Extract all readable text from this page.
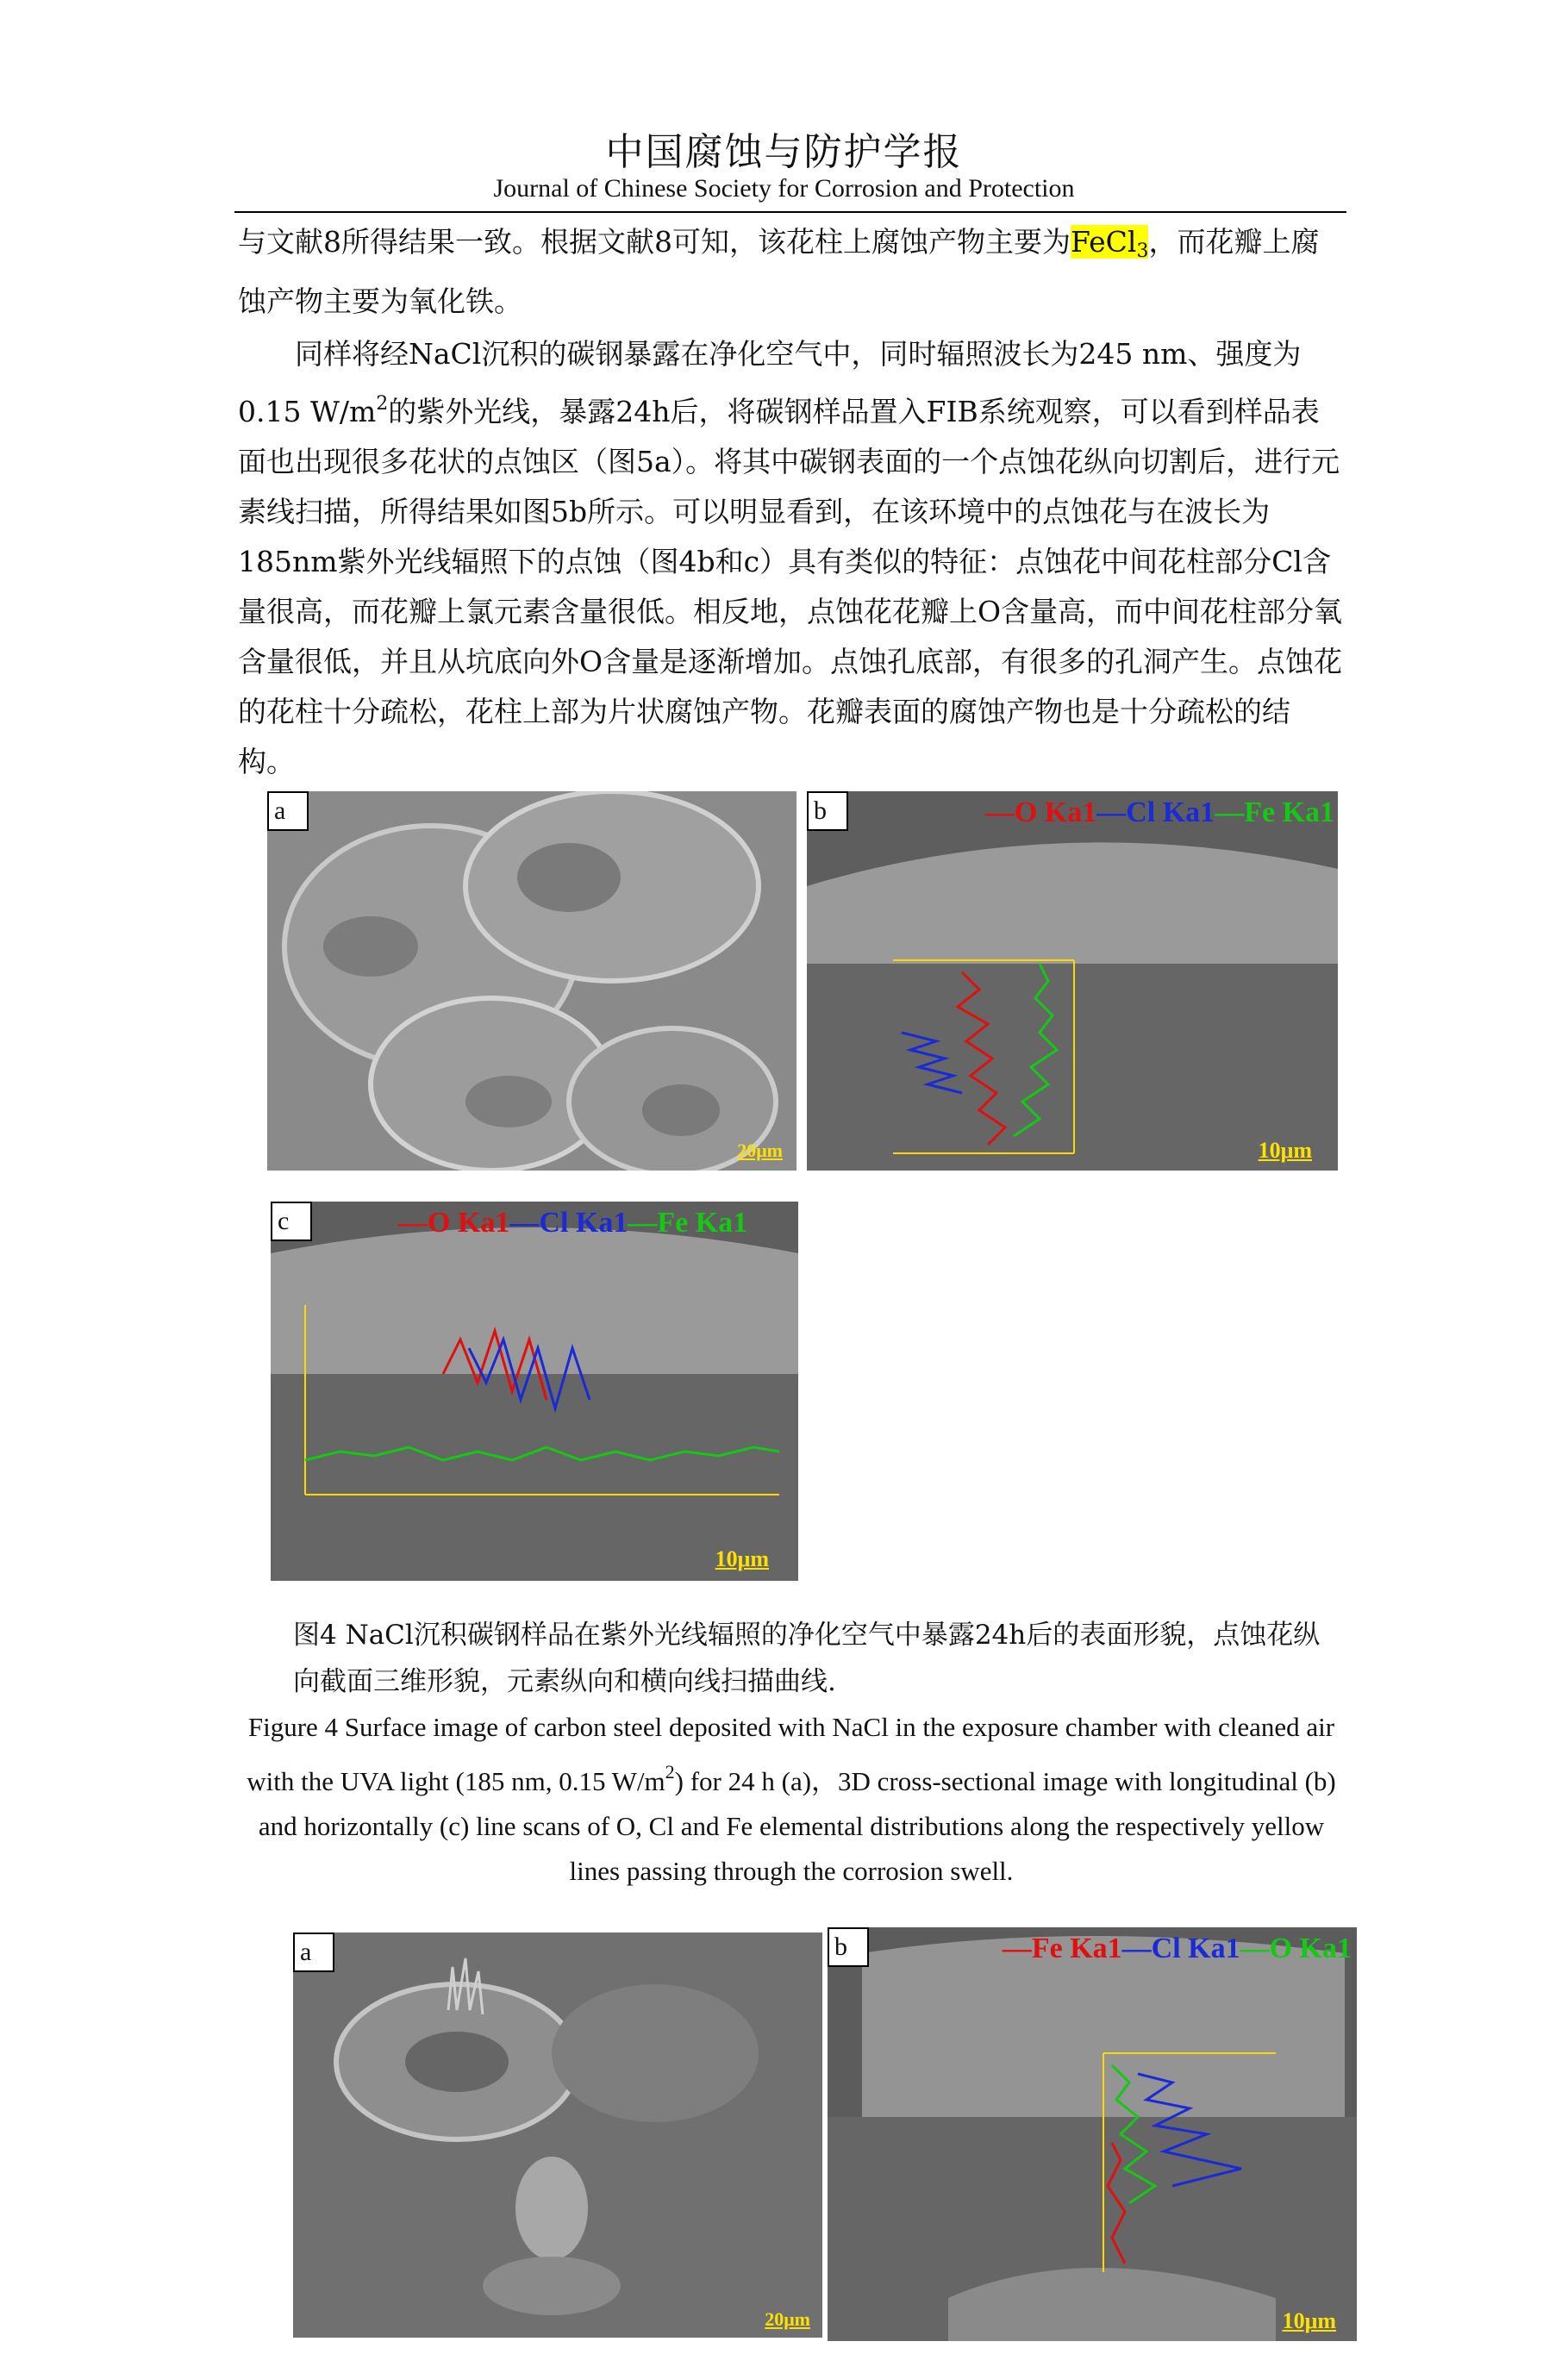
中国腐蚀与防护学报
Journal of Chinese Society for Corrosion and Protection
与文献8所得结果一致。根据文献8可知，该花柱上腐蚀产物主要为FeCl$_3$，而花瓣上腐蚀产物主要为氧化铁。
同样将经NaCl沉积的碳钢暴露在净化空气中，同时辐照波长为245 nm、强度为0.15 $W/m^2$的紫外光线，暴露24h后，将碳钢样品置入FIB系统观察，可以看到样品表面也出现很多花状的点蚀区（图5a）。将其中碳钢表面的一个点蚀花纵向切割后，进行元素线扫描，所得结果如图5b所示。可以明显看到，在该环境中的点蚀花与在波长为185nm紫外光线辐照下的点蚀（图4b和c）具有类似的特征：点蚀花中间花柱部分Cl含量很高，而花瓣上氯元素含量很低。相反地，点蚀花花瓣上O含量高，而中间花柱部分氧含量很低，并且从坑底向外O含量是逐渐增加。点蚀孔底部，有很多的孔洞产生。点蚀花的花柱十分疏松，花柱上部为片状腐蚀产物。花瓣表面的腐蚀产物也是十分疏松的结构。
a
20μm
b	—O Ka1—Cl Ka1—Fe Ka1
10μm
c	—O Ka1—Cl Ka1—Fe Ka1
10μm
图4 NaCl沉积碳钢样品在紫外光线辐照的净化空气中暴露24h后的表面形貌，点蚀花纵向截面三维形貌，元素纵向和横向线扫描曲线.
Figure 4 Surface image of carbon steel deposited with NaCl in the exposure chamber with cleaned air with the UVA light (185 nm, 0.15 $W/m^2$) for 24 h (a)，3D cross-sectional image with longitudinal (b) and horizontally (c) line scans of O, Cl and Fe elemental distributions along the respectively yellow lines passing through the corrosion swell.
a
20μm
b	—Fe Ka1—Cl Ka1—O Ka1
10μm
